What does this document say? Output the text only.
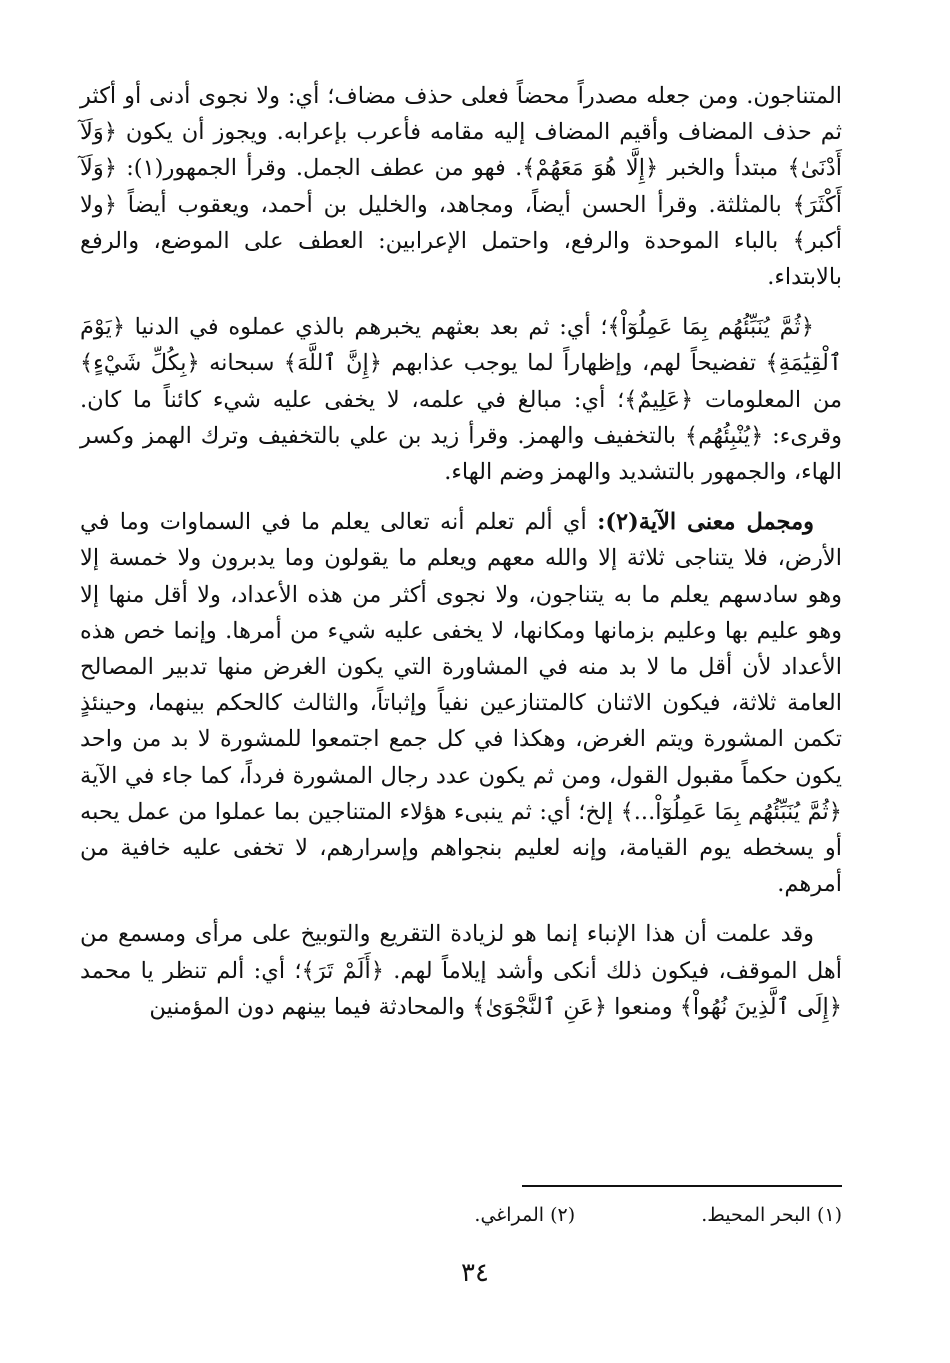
المتناجون. ومن جعله مصدراً محضاً فعلى حذف مضاف؛ أي: ولا نجوى أدنى أو أكثر ثم حذف المضاف وأقيم المضاف إليه مقامه فأعرب بإعرابه. ويجوز أن يكون ﴿وَلَآ أَدْنَىٰ﴾ مبتدأ والخبر ﴿إِلَّا هُوَ مَعَهُمْ﴾. فهو من عطف الجمل. وقرأ الجمهور(١): ﴿وَلَآ أَكْثَرَ﴾ بالمثلثة. وقرأ الحسن أيضاً، ومجاهد، والخليل بن أحمد، ويعقوب أيضاً ﴿ولا أكبر﴾ بالباء الموحدة والرفع، واحتمل الإعرابين: العطف على الموضع، والرفع بالابتداء.

﴿ثُمَّ يُنَبِّئُهُم بِمَا عَمِلُوٓاْ﴾؛ أي: ثم بعد بعثهم يخبرهم بالذي عملوه في الدنيا ﴿يَوْمَ ٱلْقِيَٰمَةِ﴾ تفضيحاً لهم، وإظهاراً لما يوجب عذابهم ﴿إِنَّ ٱللَّهَ﴾ سبحانه ﴿بِكُلِّ شَيْءٍ﴾ من المعلومات ﴿عَلِيمٌ﴾؛ أي: مبالغ في علمه، لا يخفى عليه شيء كائناً ما كان. وقرىء: ﴿يُنْبِئُهُم﴾ بالتخفيف والهمز. وقرأ زيد بن علي بالتخفيف وترك الهمز وكسر الهاء، والجمهور بالتشديد والهمز وضم الهاء.

ومجمل معنى الآية(٢): أي ألم تعلم أنه تعالى يعلم ما في السماوات وما في الأرض، فلا يتناجى ثلاثة إلا والله معهم ويعلم ما يقولون وما يدبرون ولا خمسة إلا وهو سادسهم يعلم ما به يتناجون، ولا نجوى أكثر من هذه الأعداد، ولا أقل منها إلا وهو عليم بها وعليم بزمانها ومكانها، لا يخفى عليه شيء من أمرها. وإنما خص هذه الأعداد لأن أقل ما لا بد منه في المشاورة التي يكون الغرض منها تدبير المصالح العامة ثلاثة، فيكون الاثنان كالمتنازعين نفياً وإثباتاً، والثالث كالحكم بينهما، وحينئذٍ تكمن المشورة ويتم الغرض، وهكذا في كل جمع اجتمعوا للمشورة لا بد من واحد يكون حكماً مقبول القول، ومن ثم يكون عدد رجال المشورة فرداً، كما جاء في الآية ﴿ثُمَّ يُنَبِّئُهُم بِمَا عَمِلُوٓاْ...﴾ إلخ؛ أي: ثم ينبىء هؤلاء المتناجين بما عملوا من عمل يحبه أو يسخطه يوم القيامة، وإنه لعليم بنجواهم وإسرارهم، لا تخفى عليه خافية من أمرهم.

وقد علمت أن هذا الإنباء إنما هو لزيادة التقريع والتوبيخ على مرأى ومسمع من أهل الموقف، فيكون ذلك أنكى وأشد إيلاماً لهم. ﴿أَلَمْ تَرَ﴾؛ أي: ألم تنظر يا محمد ﴿إِلَى ٱلَّذِينَ نُهُواْ﴾ ومنعوا ﴿عَنِ ٱلنَّجْوَىٰ﴾ والمحادثة فيما بينهم دون المؤمنين

(١) البحر المحيط. (٢) المراغي.
٣٤
